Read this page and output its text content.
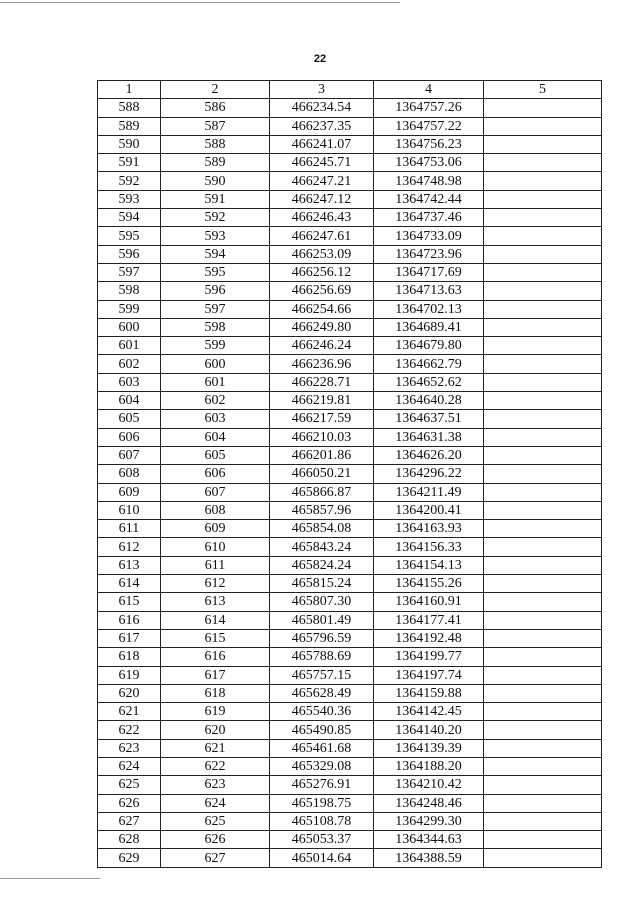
22
1	2	3	4	5
588	586	466234.54	1364757.26	
589	587	466237.35	1364757.22	
590	588	466241.07	1364756.23	
591	589	466245.71	1364753.06	
592	590	466247.21	1364748.98	
593	591	466247.12	1364742.44	
594	592	466246.43	1364737.46	
595	593	466247.61	1364733.09	
596	594	466253.09	1364723.96	
597	595	466256.12	1364717.69	
598	596	466256.69	1364713.63	
599	597	466254.66	1364702.13	
600	598	466249.80	1364689.41	
601	599	466246.24	1364679.80	
602	600	466236.96	1364662.79	
603	601	466228.71	1364652.62	
604	602	466219.81	1364640.28	
605	603	466217.59	1364637.51	
606	604	466210.03	1364631.38	
607	605	466201.86	1364626.20	
608	606	466050.21	1364296.22	
609	607	465866.87	1364211.49	
610	608	465857.96	1364200.41	
611	609	465854.08	1364163.93	
612	610	465843.24	1364156.33	
613	611	465824.24	1364154.13	
614	612	465815.24	1364155.26	
615	613	465807.30	1364160.91	
616	614	465801.49	1364177.41	
617	615	465796.59	1364192.48	
618	616	465788.69	1364199.77	
619	617	465757.15	1364197.74	
620	618	465628.49	1364159.88	
621	619	465540.36	1364142.45	
622	620	465490.85	1364140.20	
623	621	465461.68	1364139.39	
624	622	465329.08	1364188.20	
625	623	465276.91	1364210.42	
626	624	465198.75	1364248.46	
627	625	465108.78	1364299.30	
628	626	465053.37	1364344.63	
629	627	465014.64	1364388.59	
